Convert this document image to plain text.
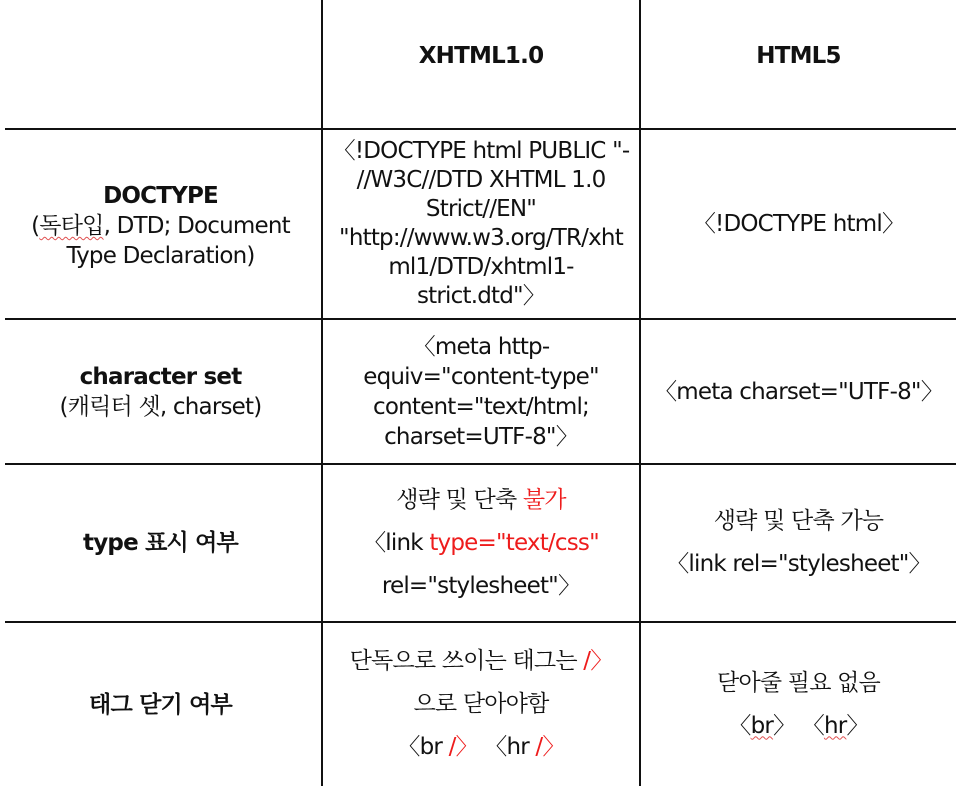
XHTML1.0	HTML5
DOCTYPE
(독타입, DTD; Document
Type Declaration)
〈!DOCTYPE html PUBLIC "-
//W3C//DTD XHTML 1.0
Strict//EN"
"http://www.w3.org/TR/xht
ml1/DTD/xhtml1-
strict.dtd"〉
〈!DOCTYPE html〉
character set
(캐릭터 셋, charset)
〈meta http-
equiv="content-type"
content="text/html;
charset=UTF-8"〉
〈meta charset="UTF-8"〉
type 표시 여부
생략 및 단축 불가
〈link type="text/css"
rel="stylesheet"〉
생략 및 단축 가능
〈link rel="stylesheet"〉
태그 닫기 여부
단독으로 쓰이는 태그는 /〉
으로 닫아야함
〈br /〉 〈hr /〉
닫아줄 필요 없음
〈br〉 〈hr〉
